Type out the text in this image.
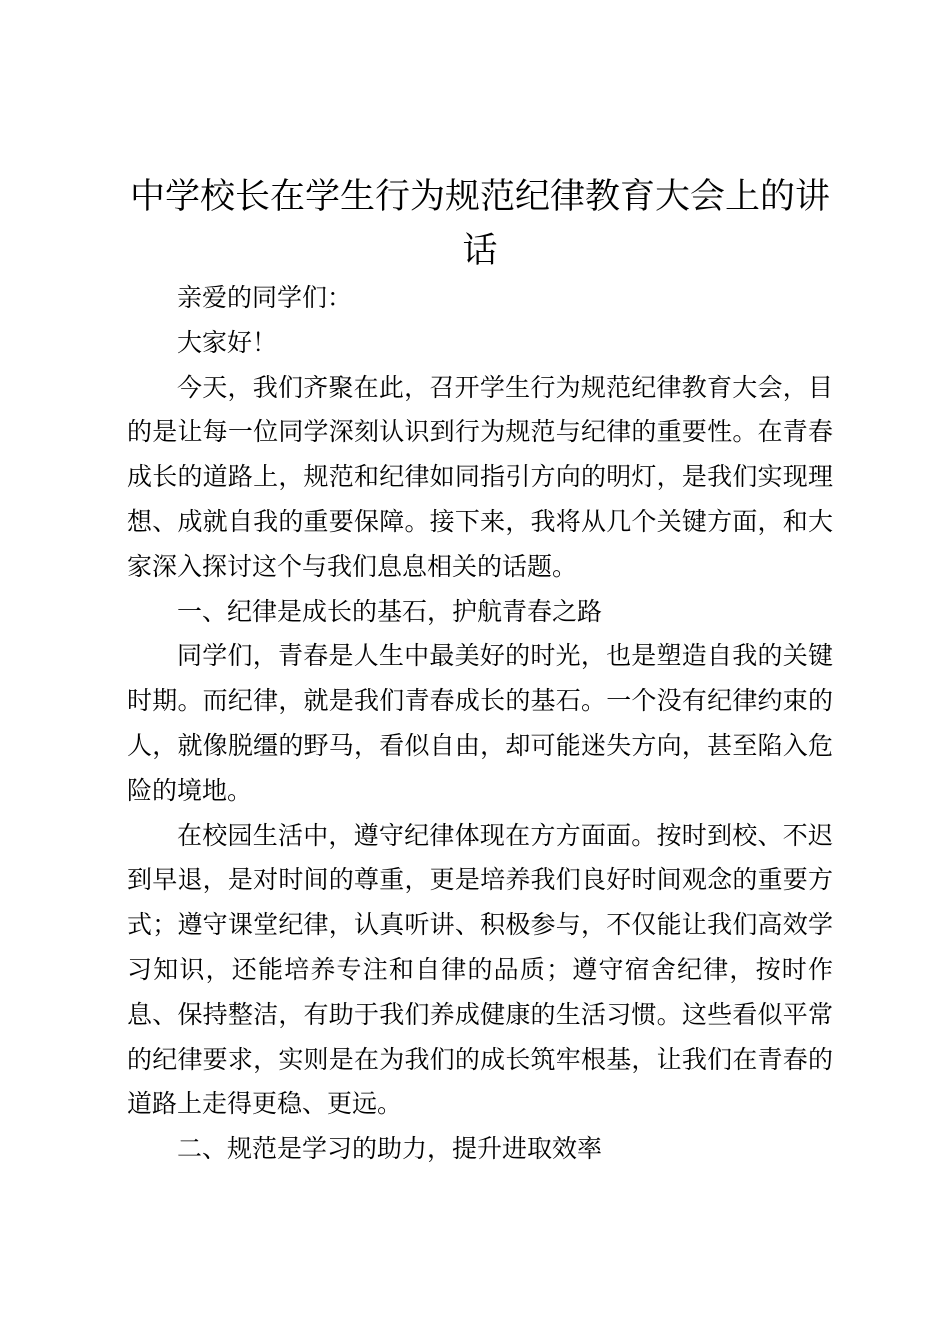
中学校长在学生行为规范纪律教育大会上的讲话

亲爱的同学们：

大家好！

今天，我们齐聚在此，召开学生行为规范纪律教育大会，目的是让每一位同学深刻认识到行为规范与纪律的重要性。在青春成长的道路上，规范和纪律如同指引方向的明灯，是我们实现理想、成就自我的重要保障。接下来，我将从几个关键方面，和大家深入探讨这个与我们息息相关的话题。

一、纪律是成长的基石，护航青春之路

同学们，青春是人生中最美好的时光，也是塑造自我的关键时期。而纪律，就是我们青春成长的基石。一个没有纪律约束的人，就像脱缰的野马，看似自由，却可能迷失方向，甚至陷入危险的境地。

在校园生活中，遵守纪律体现在方方面面。按时到校、不迟到早退，是对时间的尊重，更是培养我们良好时间观念的重要方式；遵守课堂纪律，认真听讲、积极参与，不仅能让我们高效学习知识，还能培养专注和自律的品质；遵守宿舍纪律，按时作息、保持整洁，有助于我们养成健康的生活习惯。这些看似平常的纪律要求，实则是在为我们的成长筑牢根基，让我们在青春的道路上走得更稳、更远。

二、规范是学习的助力，提升进取效率
